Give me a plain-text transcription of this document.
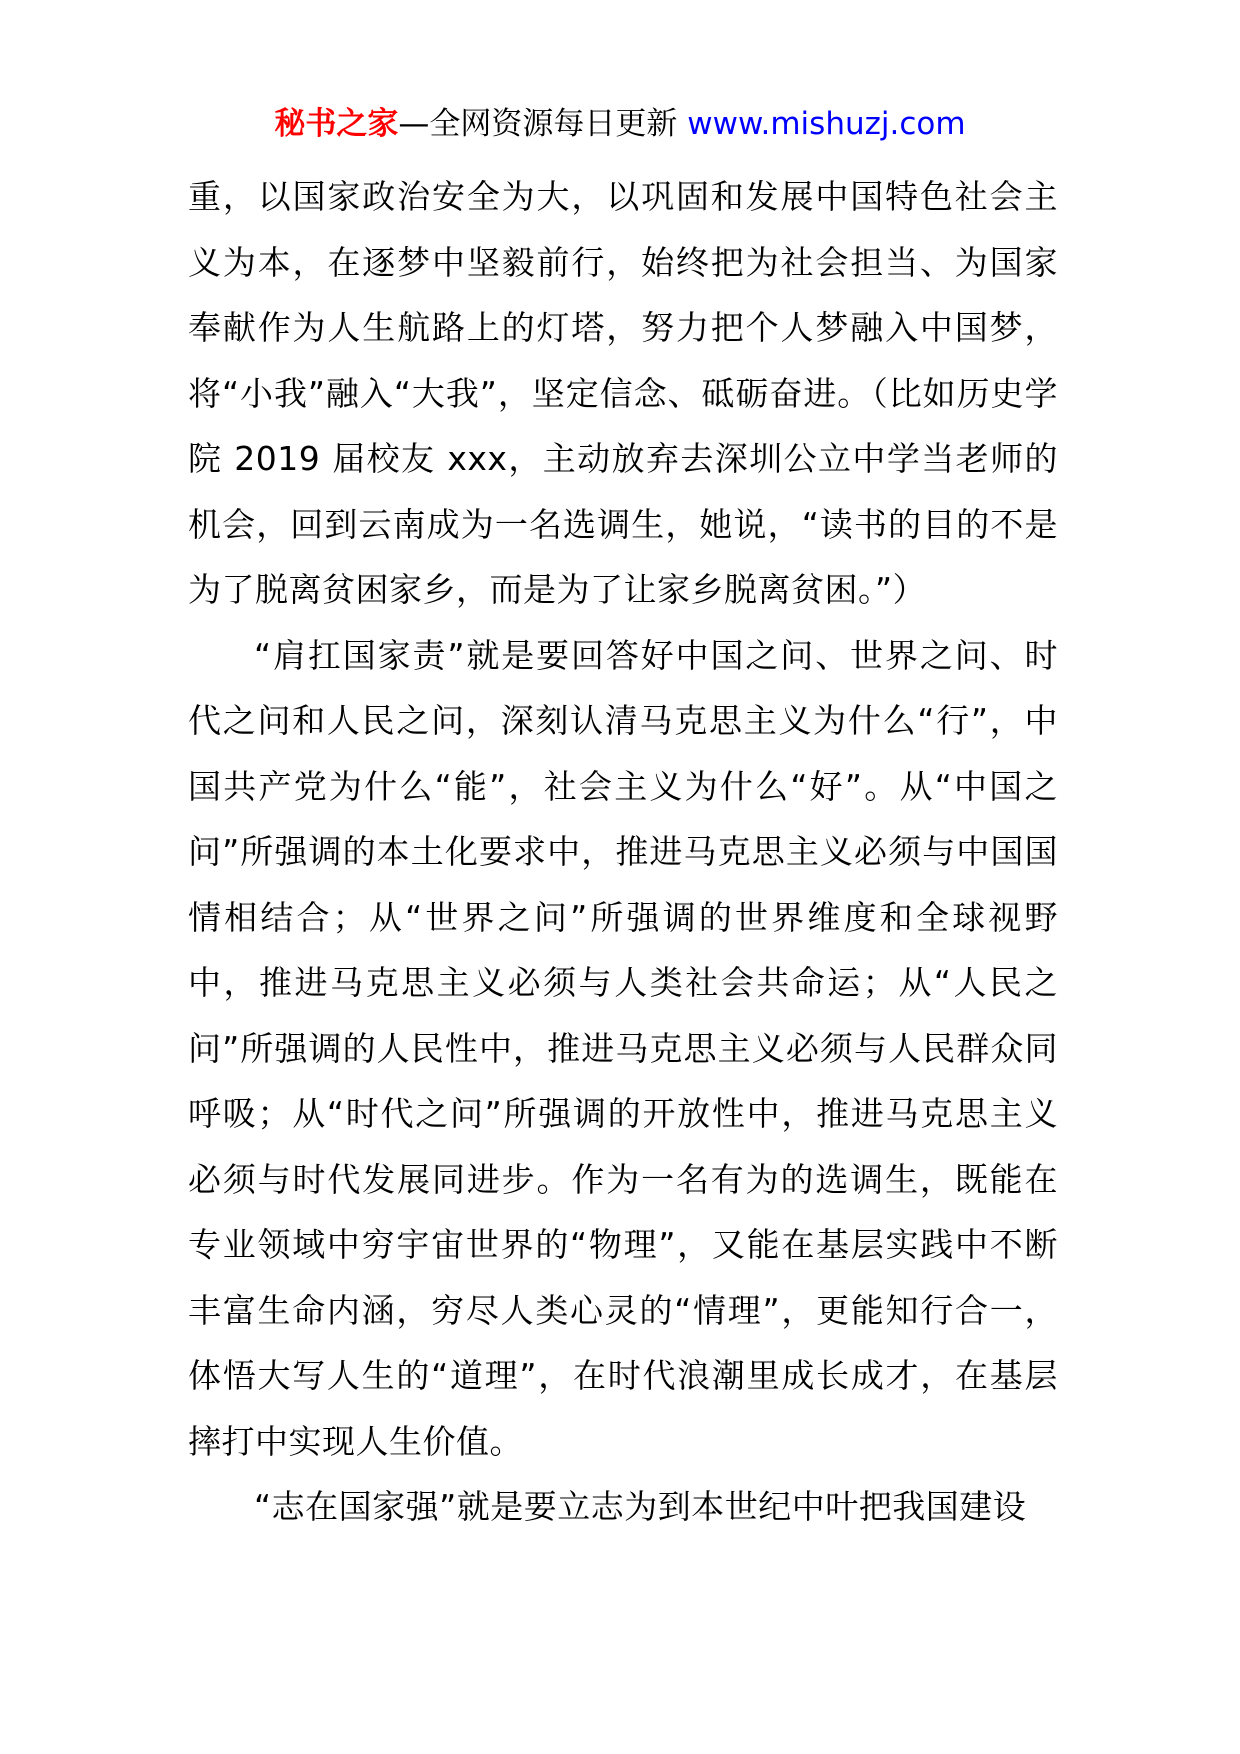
秘书之家—全网资源每日更新 www.mishuzj.com

重，以国家政治安全为大，以巩固和发展中国特色社会主义为本，在逐梦中坚毅前行，始终把为社会担当、为国家奉献作为人生航路上的灯塔，努力把个人梦融入中国梦，将“小我”融入“大我”，坚定信念、砥砺奋进。（比如历史学院 2019 届校友 xxx，主动放弃去深圳公立中学当老师的机会，回到云南成为一名选调生，她说，“读书的目的不是为了脱离贫困家乡，而是为了让家乡脱离贫困。”）

“肩扛国家责”就是要回答好中国之问、世界之问、时代之问和人民之问，深刻认清马克思主义为什么“行”，中国共产党为什么“能”，社会主义为什么“好”。从“中国之问”所强调的本土化要求中，推进马克思主义必须与中国国情相结合；从“世界之问”所强调的世界维度和全球视野中，推进马克思主义必须与人类社会共命运；从“人民之问”所强调的人民性中，推进马克思主义必须与人民群众同呼吸；从“时代之问”所强调的开放性中，推进马克思主义必须与时代发展同进步。作为一名有为的选调生，既能在专业领域中穷宇宙世界的“物理”，又能在基层实践中不断丰富生命内涵，穷尽人类心灵的“情理”，更能知行合一，体悟大写人生的“道理”，在时代浪潮里成长成才，在基层摔打中实现人生价值。

“志在国家强”就是要立志为到本世纪中叶把我国建设
